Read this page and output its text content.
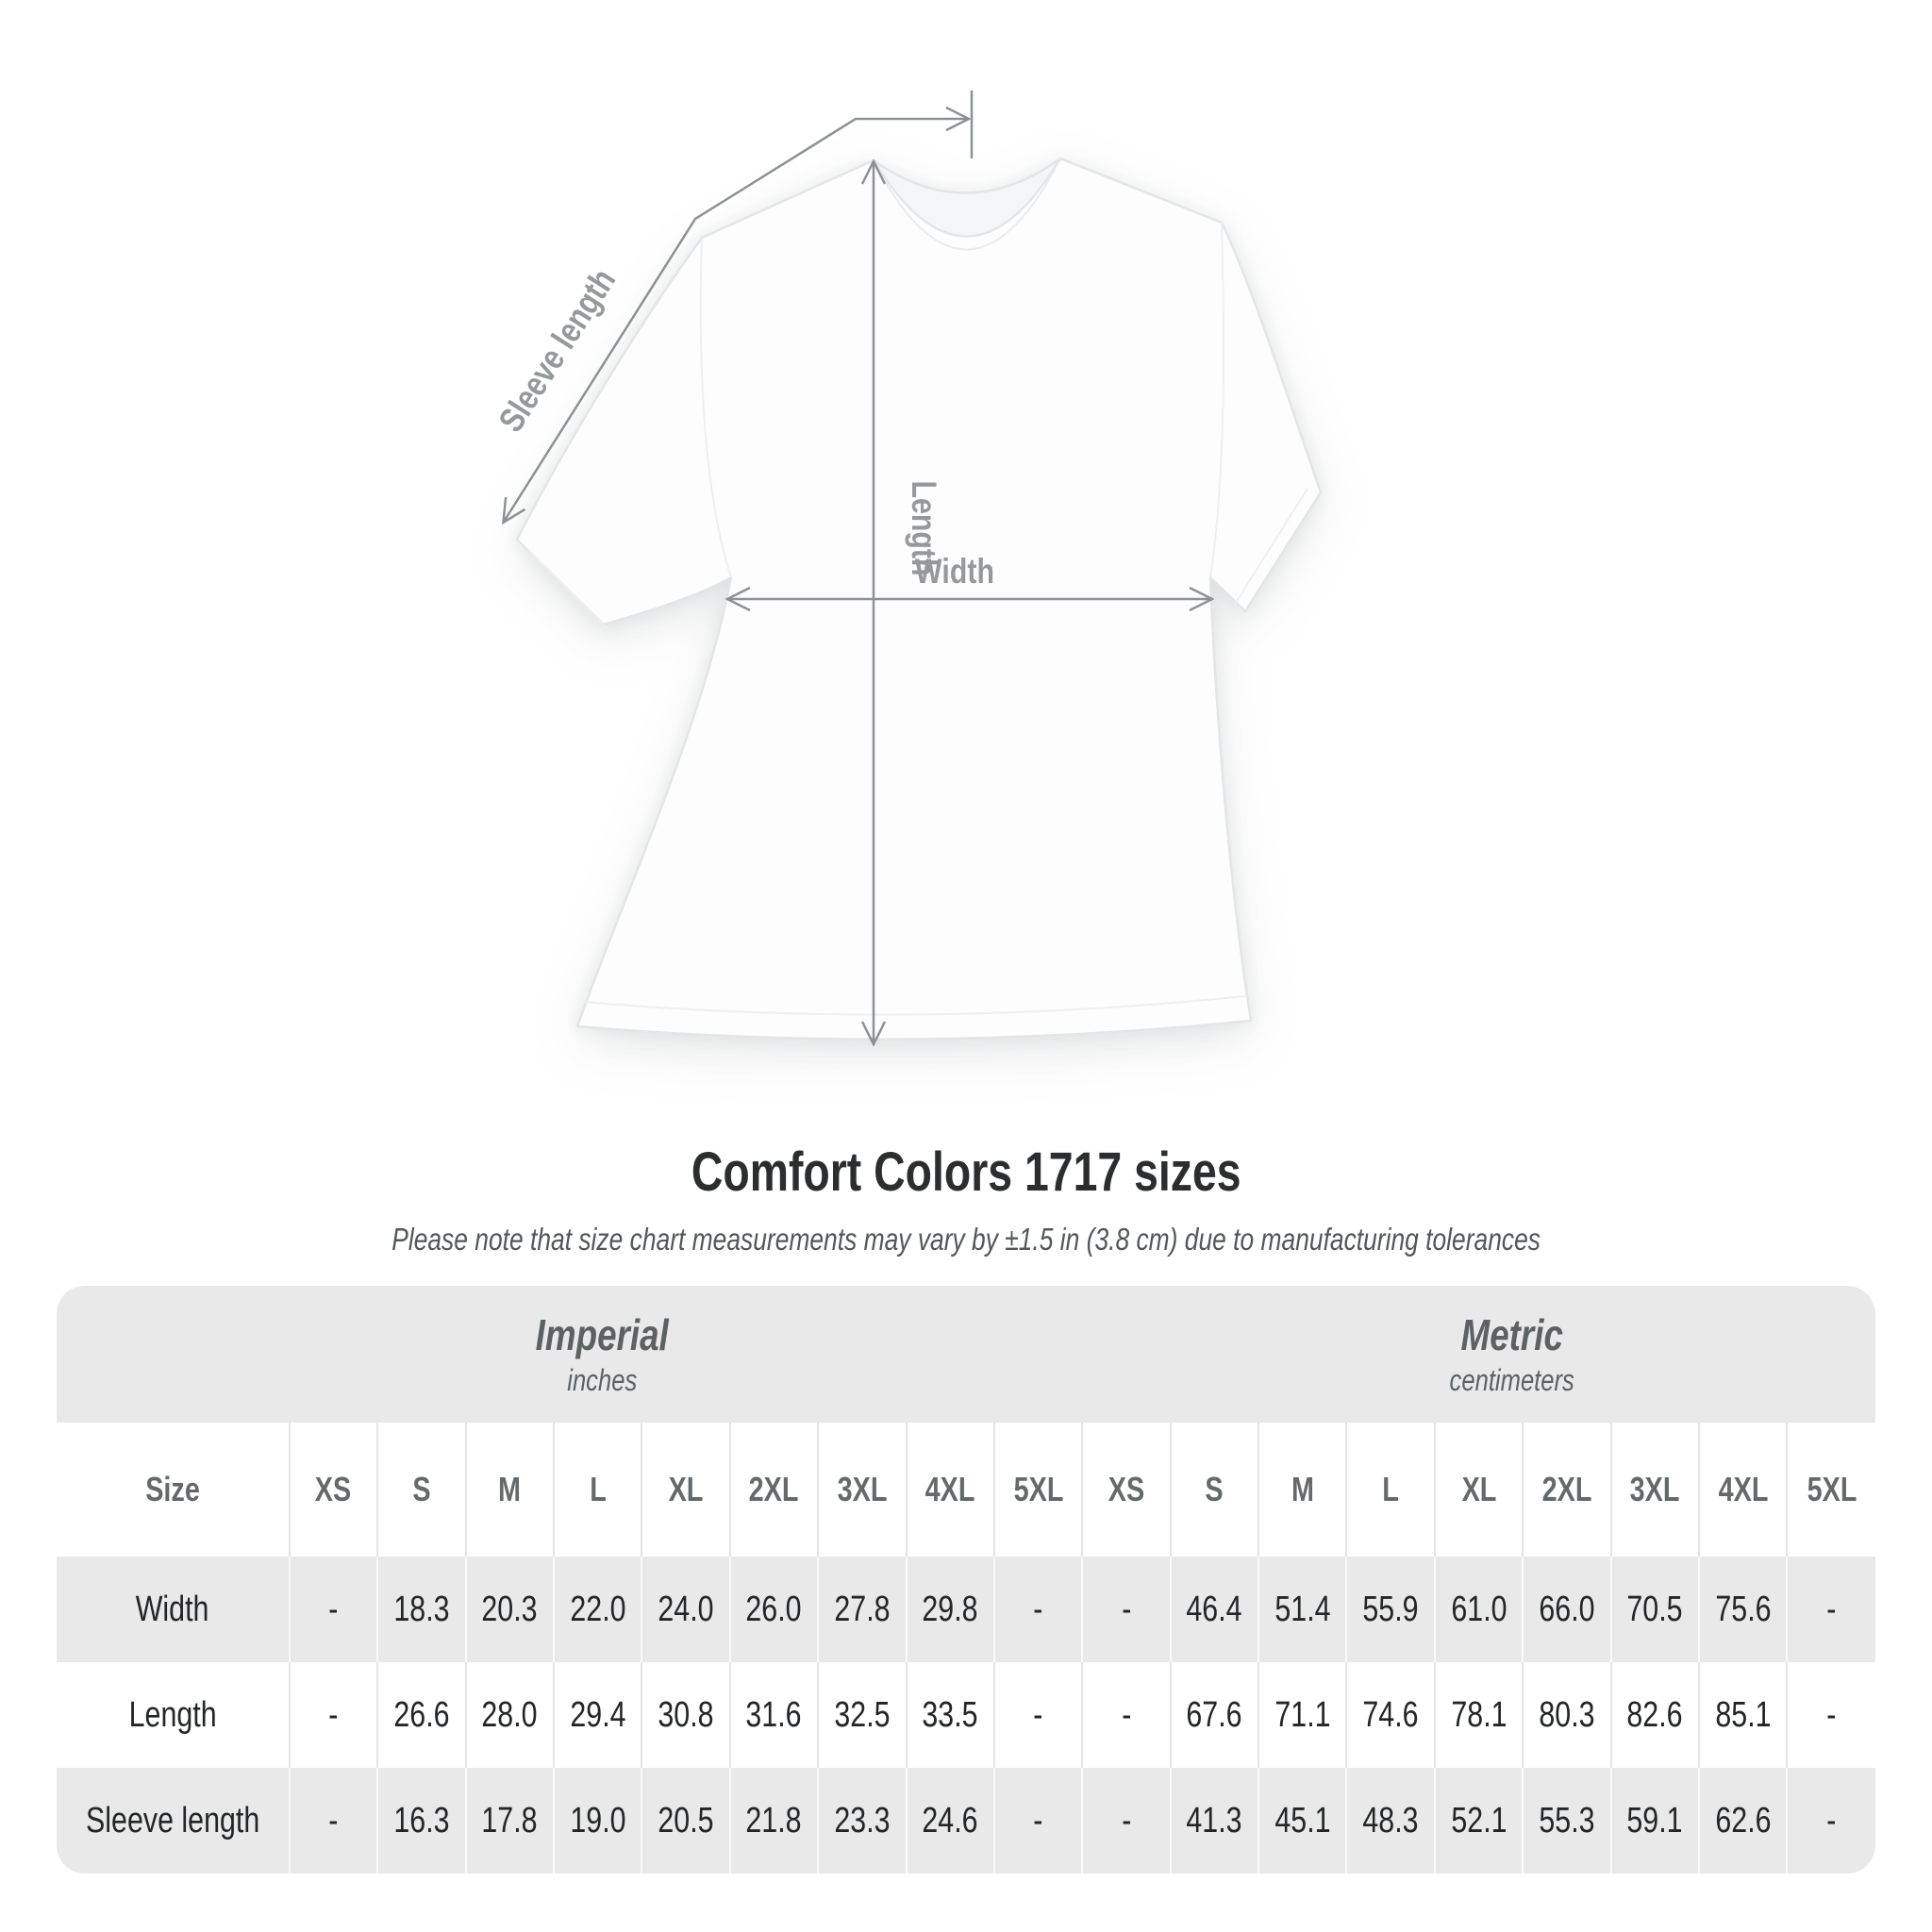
Sleeve length
Length
Width
Comfort Colors 1717 sizes

Please note that size chart measurements may vary by ±1.5 in (3.8 cm) due to manufacturing tolerances

Imperial
inches
Metric
centimeters
Size	XS	S	M	L	XL	2XL	3XL	4XL	5XL	XS	S	M	L	XL	2XL	3XL	4XL	5XL
Width	-	18.3	20.3	22.0	24.0	26.0	27.8	29.8	-	-	46.4	51.4	55.9	61.0	66.0	70.5	75.6	-
Length	-	26.6	28.0	29.4	30.8	31.6	32.5	33.5	-	-	67.6	71.1	74.6	78.1	80.3	82.6	85.1	-
Sleeve length	-	16.3	17.8	19.0	20.5	21.8	23.3	24.6	-	-	41.3	45.1	48.3	52.1	55.3	59.1	62.6	-
